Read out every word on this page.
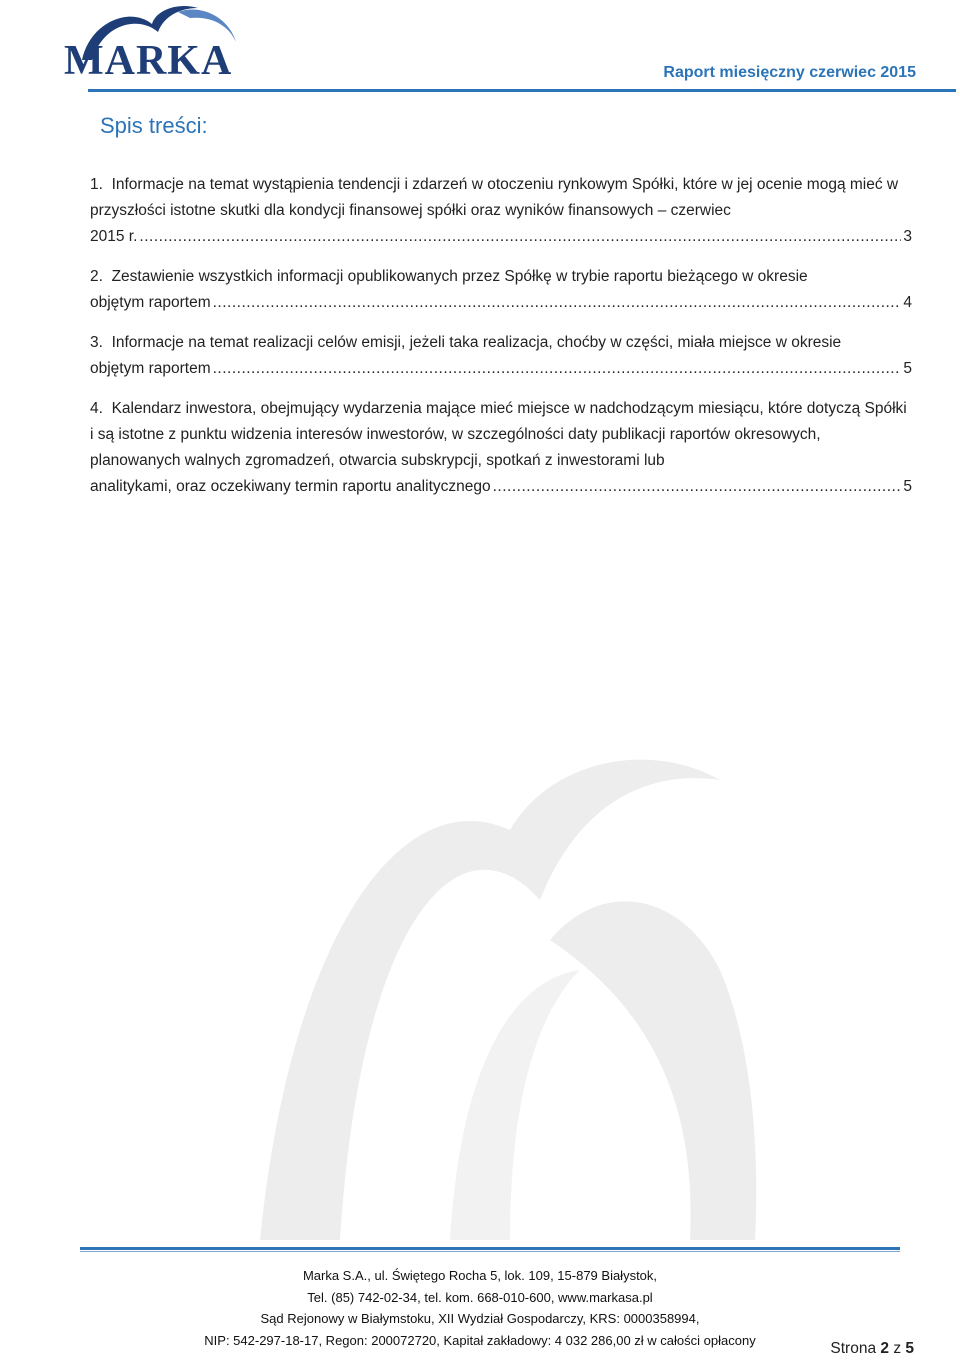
MARKA	Raport miesięczny czerwiec 2015
Spis treści:
1. Informacje na temat wystąpienia tendencji i zdarzeń w otoczeniu rynkowym Spółki, które w jej ocenie mogą mieć w przyszłości istotne skutki dla kondycji finansowej spółki oraz wyników finansowych – czerwiec
2015 r. .....	3
2. Zestawienie wszystkich informacji opublikowanych przez Spółkę w trybie raportu bieżącego w okresie
objętym raportem .....	4
3. Informacje na temat realizacji celów emisji, jeżeli taka realizacja, choćby w części, miała miejsce w okresie
objętym raportem .....	5
4. Kalendarz inwestora, obejmujący wydarzenia mające mieć miejsce w nadchodzącym miesiącu, które dotyczą Spółki i są istotne z punktu widzenia interesów inwestorów, w szczególności daty publikacji raportów okresowych, planowanych walnych zgromadzeń, otwarcia subskrypcji, spotkań z inwestorami lub
analitykami, oraz oczekiwany termin raportu analitycznego .....	5
Marka S.A., ul. Świętego Rocha 5, lok. 109, 15-879 Białystok,
Tel. (85) 742-02-34, tel. kom. 668-010-600, www.markasa.pl
Sąd Rejonowy w Białymstoku, XII Wydział Gospodarczy, KRS: 0000358994,
NIP: 542-297-18-17, Regon: 200072720, Kapitał zakładowy: 4 032 286,00 zł w całości opłacony	Strona 2 z 5
